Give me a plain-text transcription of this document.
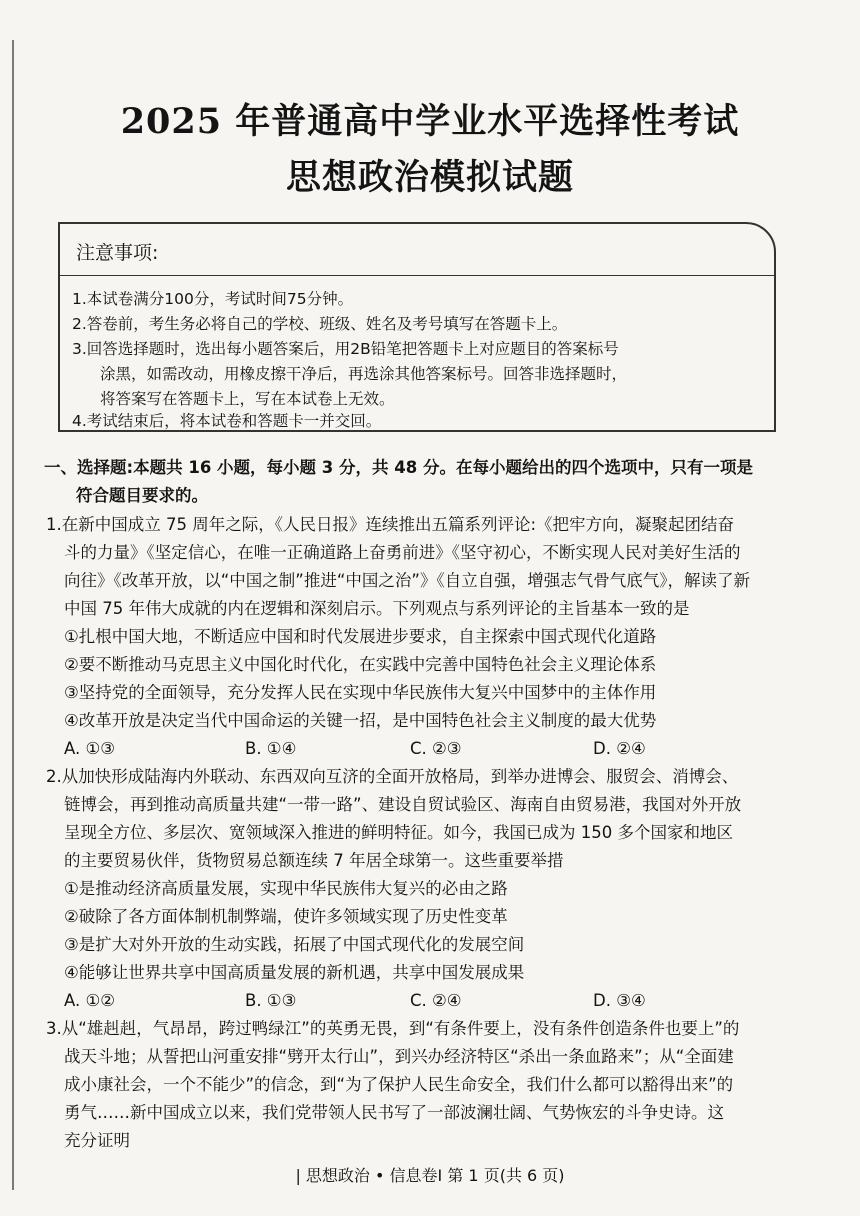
2025 年普通高中学业水平选择性考试
思想政治模拟试题
注意事项:
1.本试卷满分100分，考试时间75分钟。
2.答卷前，考生务必将自己的学校、班级、姓名及考号填写在答题卡上。
3.回答选择题时，选出每小题答案后，用2B铅笔把答题卡上对应题目的答案标号
涂黑，如需改动，用橡皮擦干净后，再选涂其他答案标号。回答非选择题时，
将答案写在答题卡上，写在本试卷上无效。
4.考试结束后，将本试卷和答题卡一并交回。
一、选择题:本题共 16 小题，每小题 3 分，共 48 分。在每小题给出的四个选项中，只有一项是
符合题目要求的。
1.在新中国成立 75 周年之际，《人民日报》连续推出五篇系列评论:《把牢方向，凝聚起团结奋
斗的力量》《坚定信心，在唯一正确道路上奋勇前进》《坚守初心，不断实现人民对美好生活的
向往》《改革开放，以“中国之制”推进“中国之治”》《自立自强，增强志气骨气底气》，解读了新
中国 75 年伟大成就的内在逻辑和深刻启示。下列观点与系列评论的主旨基本一致的是
①扎根中国大地，不断适应中国和时代发展进步要求，自主探索中国式现代化道路
②要不断推动马克思主义中国化时代化，在实践中完善中国特色社会主义理论体系
③坚持党的全面领导，充分发挥人民在实现中华民族伟大复兴中国梦中的主体作用
④改革开放是决定当代中国命运的关键一招，是中国特色社会主义制度的最大优势
A. ①③	B. ①④	C. ②③	D. ②④
2.从加快形成陆海内外联动、东西双向互济的全面开放格局，到举办进博会、服贸会、消博会、
链博会，再到推动高质量共建“一带一路”、建设自贸试验区、海南自由贸易港，我国对外开放
呈现全方位、多层次、宽领域深入推进的鲜明特征。如今，我国已成为 150 多个国家和地区
的主要贸易伙伴，货物贸易总额连续 7 年居全球第一。这些重要举措
①是推动经济高质量发展，实现中华民族伟大复兴的必由之路
②破除了各方面体制机制弊端，使许多领域实现了历史性变革
③是扩大对外开放的生动实践，拓展了中国式现代化的发展空间
④能够让世界共享中国高质量发展的新机遇，共享中国发展成果
A. ①②	B. ①③	C. ②④	D. ③④
3.从“雄赳赳，气昂昂，跨过鸭绿江”的英勇无畏，到“有条件要上，没有条件创造条件也要上”的
战天斗地；从誓把山河重安排“劈开太行山”，到兴办经济特区“杀出一条血路来”；从“全面建
成小康社会，一个不能少”的信念，到“为了保护人民生命安全，我们什么都可以豁得出来”的
勇气……新中国成立以来，我们党带领人民书写了一部波澜壮阔、气势恢宏的斗争史诗。这
充分证明
| 思想政治 • 信息卷Ⅰ 第 1 页(共 6 页)
